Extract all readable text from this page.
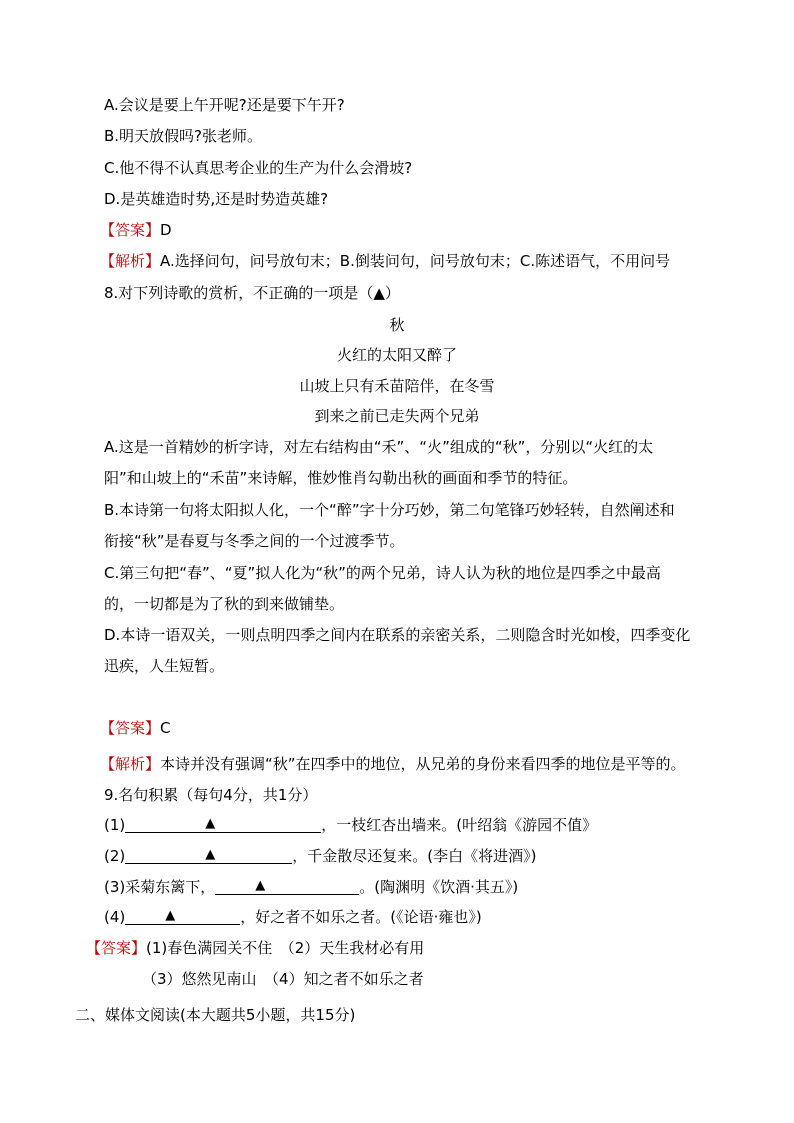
A.会议是要上午开呢?还是要下午开?
B.明天放假吗?张老师。
C.他不得不认真思考企业的生产为什么会滑坡?
D.是英雄造时势,还是时势造英雄?
【答案】D
【解析】A.选择问句，问号放句末；B.倒装问句，问号放句末；C.陈述语气，不用问号
8.对下列诗歌的赏析，不正确的一项是（▲）
秋
火红的太阳又醉了
山坡上只有禾苗陪伴，在冬雪
到来之前已走失两个兄弟
A.这是一首精妙的析字诗，对左右结构由“禾”、“火”组成的“秋”，分别以“火红的太
阳”和山坡上的“禾苗”来诗解，惟妙惟肖勾勒出秋的画面和季节的特征。
B.本诗第一句将太阳拟人化，一个“醉”字十分巧妙，第二句笔锋巧妙轻转，自然阐述和
衔接“秋”是春夏与冬季之间的一个过渡季节。
C.第三句把“春”、“夏”拟人化为“秋”的两个兄弟，诗人认为秋的地位是四季之中最高
的，一切都是为了秋的到来做铺垫。
D.本诗一语双关，一则点明四季之间内在联系的亲密关系，二则隐含时光如梭，四季变化
迅疾，人生短暂。
【答案】C
【解析】本诗并没有强调“秋”在四季中的地位，从兄弟的身份来看四季的地位是平等的。
9.名句积累（每句4分，共1分）
(1)	▲	，一枝红杏出墙来。(叶绍翁《游园不值》
(2)	▲	，千金散尽还复来。(李白《将进酒》)
(3)采菊东篱下，	▲	。(陶渊明《饮酒·其五》)
(4)	▲	，好之者不如乐之者。(《论语·雍也》)
【答案】(1)春色满园关不住　（2）天生我材必有用
（3）悠然见南山　（4）知之者不如乐之者
二、媒体文阅读(本大题共5小题，共15分)
